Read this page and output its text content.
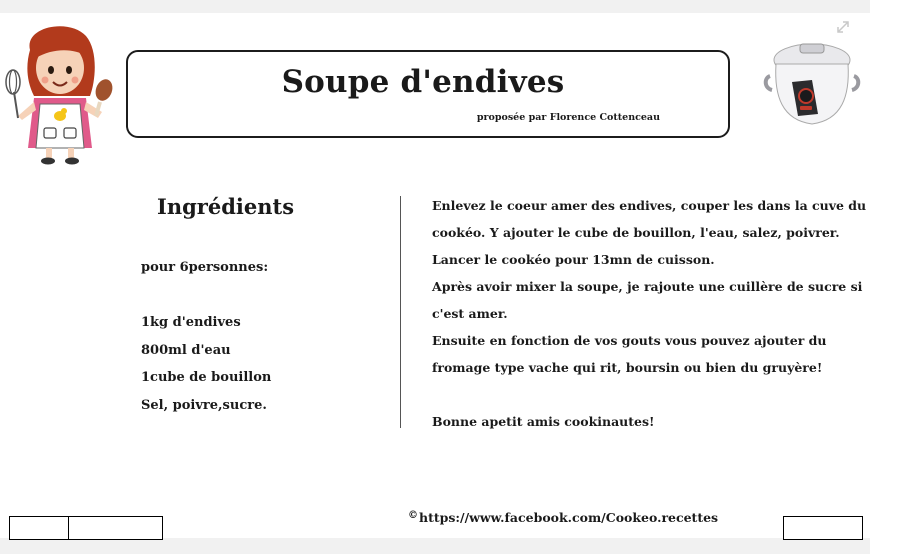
Soupe d'endives
proposée par Florence Cottenceau
Ingrédients
pour 6personnes:
1kg d'endives
800ml d'eau
1cube de bouillon
Sel, poivre,sucre.
Enlevez le coeur amer des endives, couper les dans la cuve du
cookéo. Y ajouter le cube de bouillon, l'eau, salez, poivrer.
Lancer le cookéo pour 13mn de cuisson.
Après avoir mixer la soupe, je rajoute une cuillère de sucre si
c'est amer.
Ensuite en fonction de vos gouts vous pouvez ajouter du
fromage type vache qui rit, boursin ou bien du gruyère!
Bonne apetit amis cookinautes!
©https://www.facebook.com/Cookeo.recettes
